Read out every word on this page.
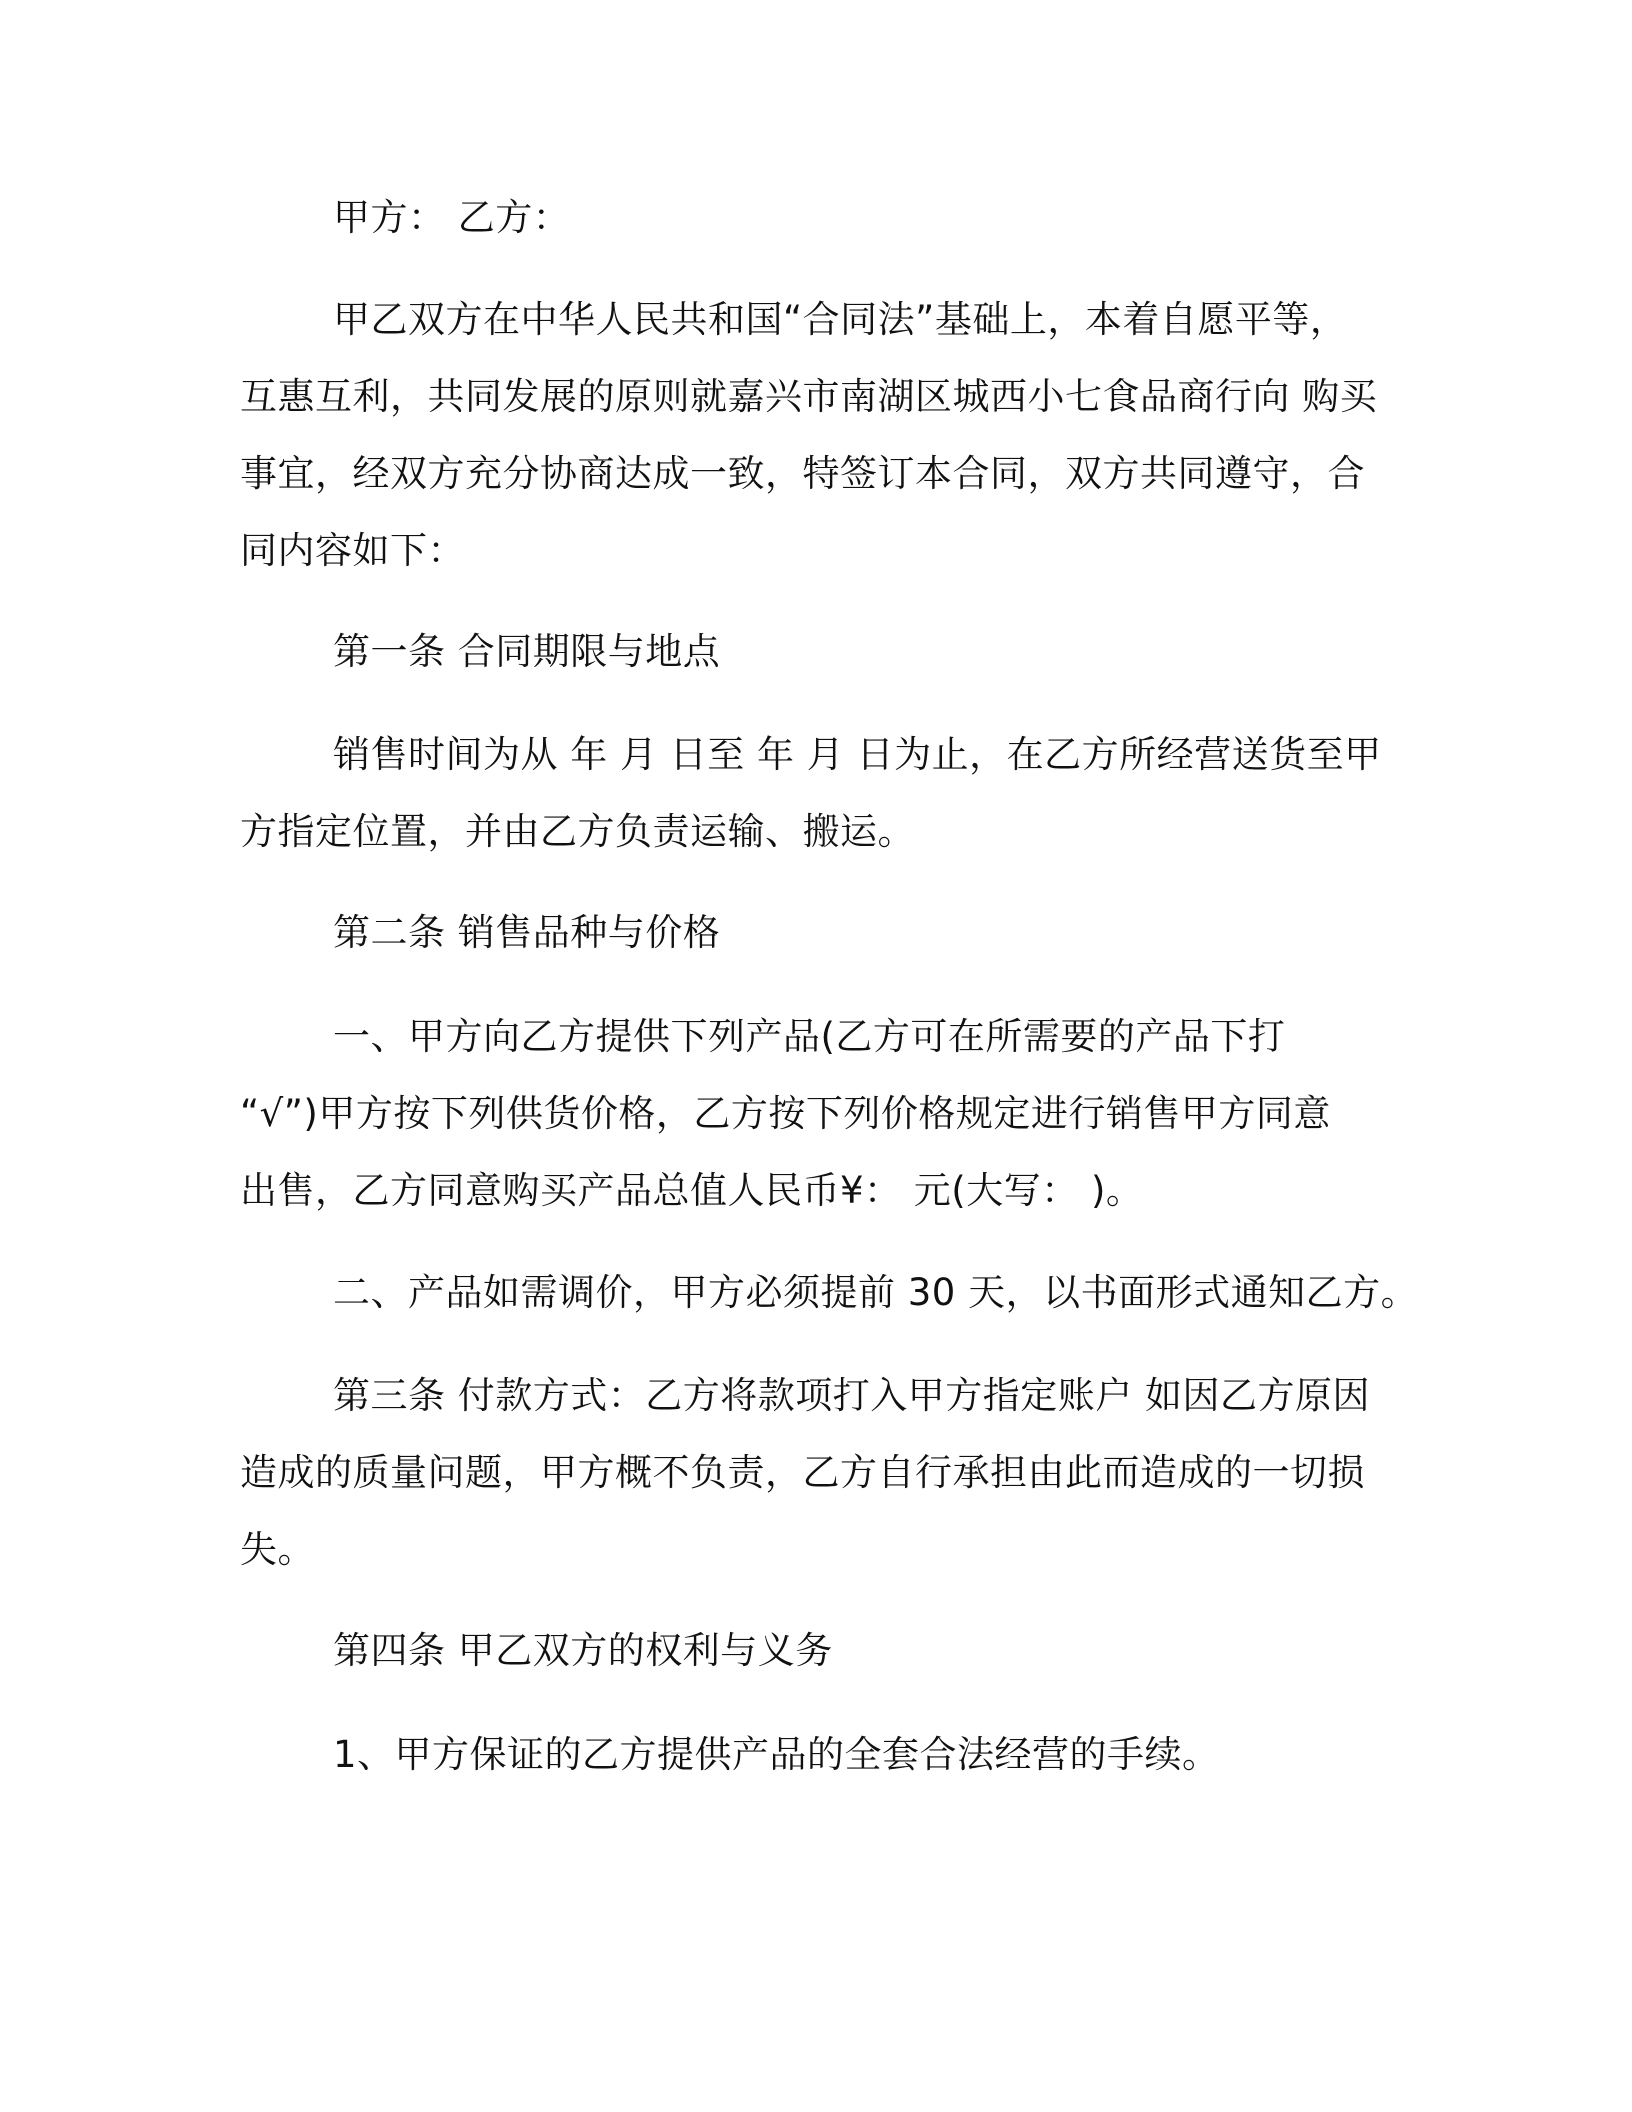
甲方： 乙方：
甲乙双方在中华人民共和国“合同法”基础上，本着自愿平等，
互惠互利，共同发展的原则就嘉兴市南湖区城西小七食品商行向 购买
事宜，经双方充分协商达成一致，特签订本合同，双方共同遵守，合
同内容如下：
第一条 合同期限与地点
销售时间为从 年 月 日至 年 月 日为止，在乙方所经营送货至甲
方指定位置，并由乙方负责运输、搬运。
第二条 销售品种与价格
一、甲方向乙方提供下列产品(乙方可在所需要的产品下打
“√”)甲方按下列供货价格，乙方按下列价格规定进行销售甲方同意
出售，乙方同意购买产品总值人民币¥： 元(大写： )。
二、产品如需调价，甲方必须提前 30 天，以书面形式通知乙方。
第三条 付款方式：乙方将款项打入甲方指定账户 如因乙方原因
造成的质量问题，甲方概不负责，乙方自行承担由此而造成的一切损
失。
第四条 甲乙双方的权利与义务
1、甲方保证的乙方提供产品的全套合法经营的手续。
